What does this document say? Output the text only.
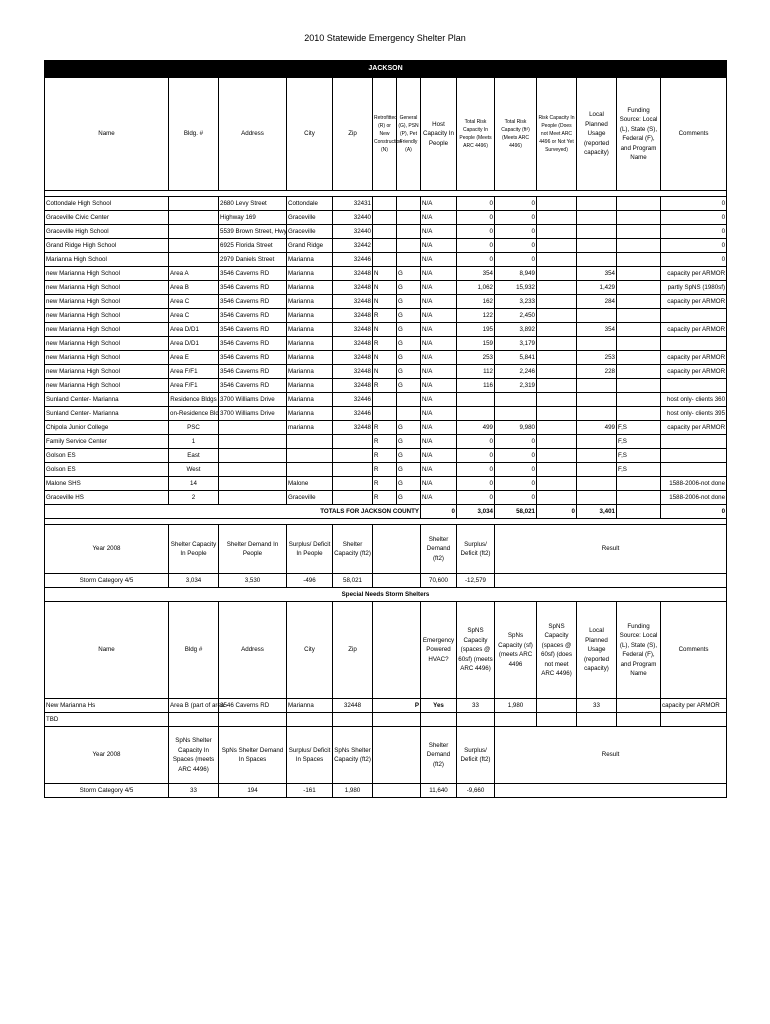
2010 Statewide Emergency Shelter Plan
JACKSON													
Name	Bldg. #	Address	City	Zip	Retrofitted (R) or New Construction (N)	General (G), PSN (P), Pet Friendly (A)	Host Capacity In People	Total Risk Capacity In People (Meets ARC 4496)	Total Risk Capacity (ft²) (Meets ARC 4496)	Risk Capacity In People (Does not Meet ARC 4496 or Not Yet Surveyed)	Local Planned Usage (reported capacity)	Funding Source: Local (L), State (S), Federal (F), and Program Name	Comments

Cottondale High School		2680 Levy Street	Cottondale	32431			N/A	0	0				0
Graceville Civic Center		Highway 169	Graceville	32440			N/A	0	0				0
Graceville High School		5539 Brown Street, Hwy	Graceville	32440			N/A	0	0				0
Grand Ridge High School		6925 Florida Street	Grand Ridge	32442			N/A	0	0				0
Marianna High School		2979 Daniels Street	Marianna	32446			N/A	0	0				0
new Marianna High School	Area A	3546 Caverns RD	Marianna	32448	N	G	N/A	354	8,949		354		capacity per ARMOR
new Marianna High School	Area B	3546 Caverns RD	Marianna	32448	N	G	N/A	1,062	15,932		1,429		partly SpNS (1980sf)
new Marianna High School	Area C	3546 Caverns RD	Marianna	32448	N	G	N/A	162	3,233		284		capacity per ARMOR
new Marianna High School	Area C	3546 Caverns RD	Marianna	32448	R	G	N/A	122	2,450				
new Marianna High School	Area D/D1	3546 Caverns RD	Marianna	32448	N	G	N/A	195	3,892		354		capacity per ARMOR
new Marianna High School	Area D/D1	3546 Caverns RD	Marianna	32448	R	G	N/A	159	3,179				
new Marianna High School	Area E	3546 Caverns RD	Marianna	32448	N	G	N/A	253	5,841		253		capacity per ARMOR
new Marianna High School	Area F/F1	3546 Caverns RD	Marianna	32448	N	G	N/A	112	2,246		228		capacity per ARMOR
new Marianna High School	Area F/F1	3546 Caverns RD	Marianna	32448	R	G	N/A	116	2,319				
Sunland Center- Marianna	Residence Bldgs	3700 Williams Drive	Marianna	32446			N/A						host only- clients 360
Sunland Center- Marianna	on-Residence Bld	3700 Williams Drive	Marianna	32446			N/A						host only- clients 395
Chipola Junior College	PSC		marianna	32448	R	G	N/A	499	9,980		499	F,S	capacity per ARMOR
Family Service Center	1				R	G	N/A	0	0			F,S	
Golson ES	East				R	G	N/A	0	0			F,S	
Golson ES	West				R	G	N/A	0	0			F,S	
Malone SHS	14		Malone		R	G	N/A	0	0				1588-2006-not done
Graceville HS	2		Graceville		R	G	N/A	0	0				1588-2006-not done
TOTALS FOR JACKSON COUNTY							0	3,034	58,021	0	3,401		0

Year 2008	Shelter Capacity In People	Shelter Demand In People	Surplus/ Deficit In People	Shelter Capacity (ft2)			Shelter Demand (ft2)	Surplus/ Deficit (ft2)	Result				
Storm Category 4/5	3,034	3,530	-496	58,021			70,600	-12,579					
Special Needs Storm Shelters													
Name	Bldg #	Address	City	Zip			Emergency Powered HVAC?	SpNS Capacity (spaces @ 60sf) (meets ARC 4496)	SpNs Capacity (sf) (meets ARC 4496	SpNS Capacity (spaces @ 60sf) (does not meet ARC 4496)	Local Planned Usage (reported capacity)	Funding Source: Local (L), State (S), Federal (F), and Program Name	Comments
New Marianna Hs	Area B (part of area	3546 Caverns RD	Marianna	32448	P		Yes	33	1,980		33		capacity per ARMOR
TBD													
Year 2008	SpNs Shelter Capacity In Spaces (meets ARC 4496)	SpNs Shelter Demand In Spaces	Surplus/ Deficit In Spaces	SpNs Shelter Capacity (ft2)			Shelter Demand (ft2)	Surplus/ Deficit (ft2)	Result				
Storm Category 4/5	33	194	-161	1,980			11,640	-9,660					
